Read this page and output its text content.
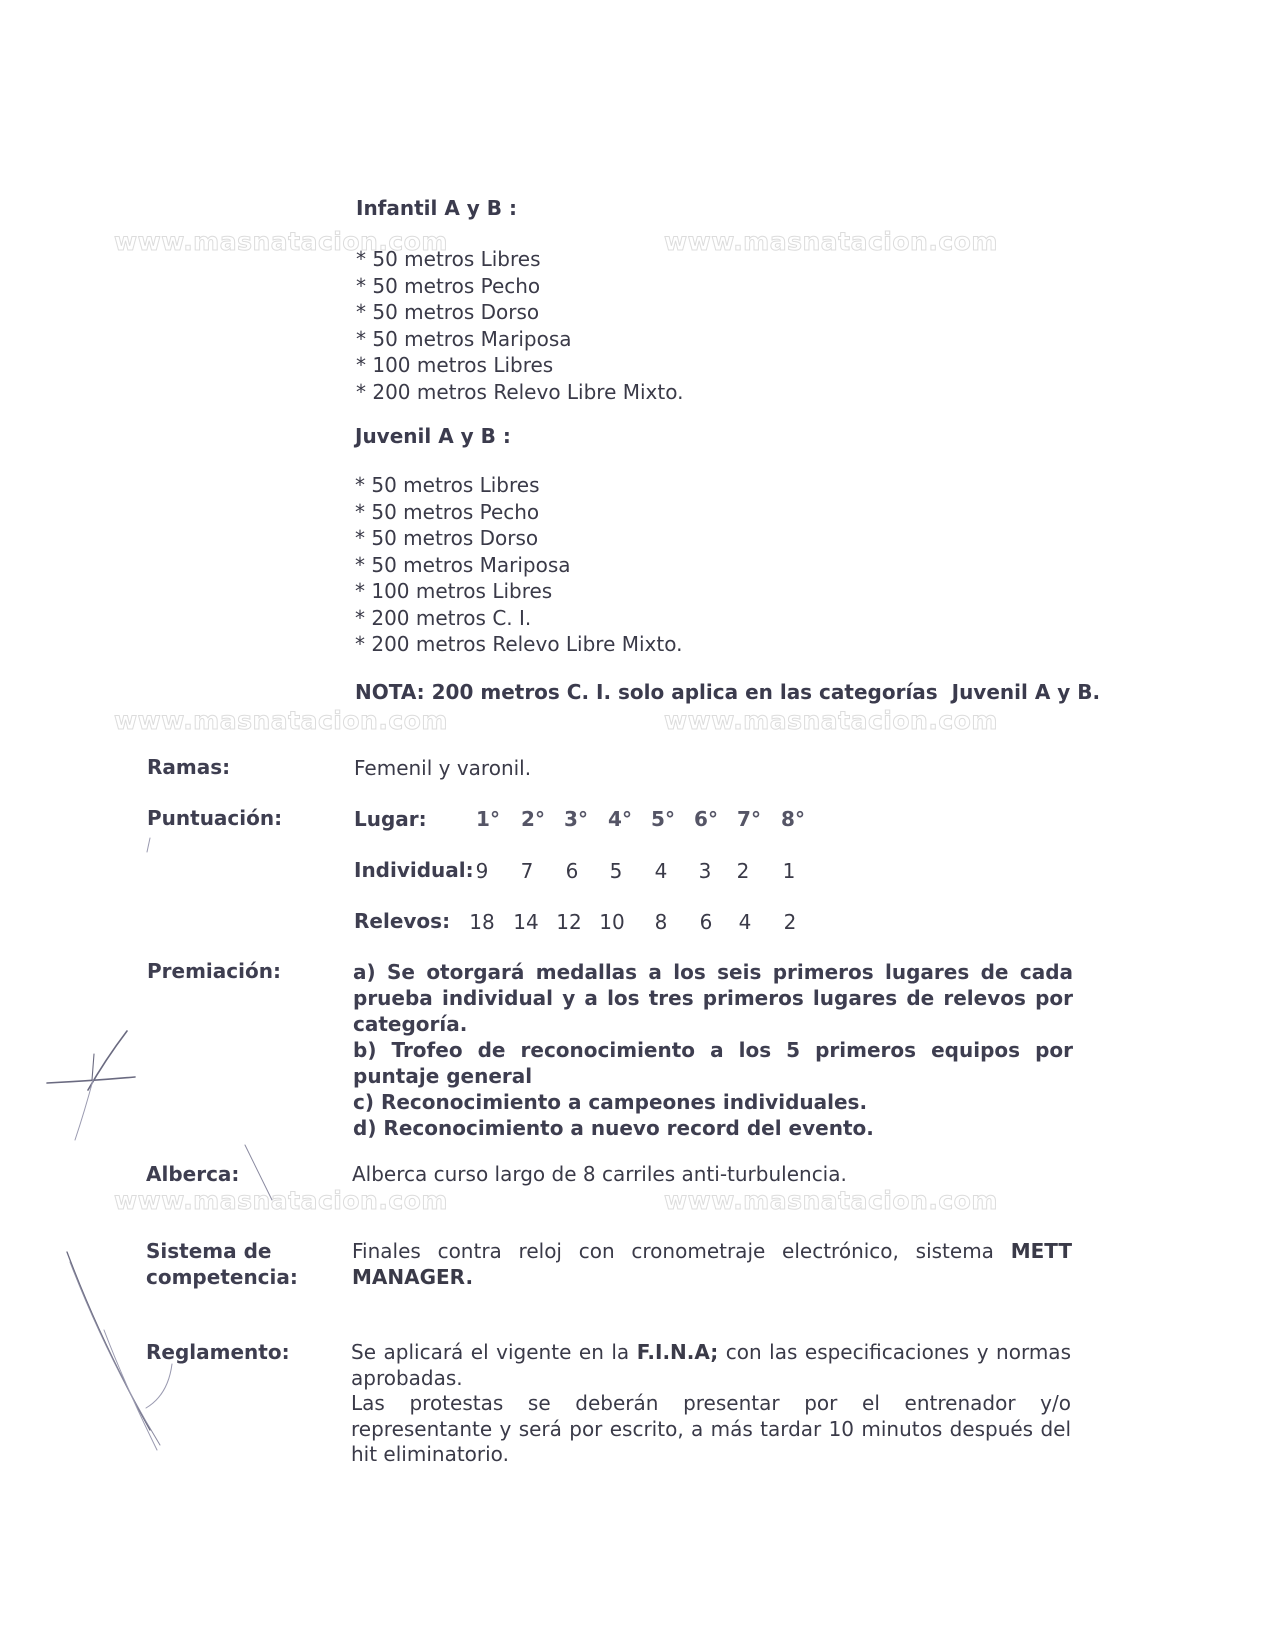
www.masnatacion.com	www.masnatacion.com
www.masnatacion.com	www.masnatacion.com
www.masnatacion.com	www.masnatacion.com
Infantil A y B :
* 50 metros Libres
* 50 metros Pecho
* 50 metros Dorso
* 50 metros Mariposa
* 100 metros Libres
* 200 metros Relevo Libre Mixto.
Juvenil A y B :
* 50 metros Libres
* 50 metros Pecho
* 50 metros Dorso
* 50 metros Mariposa
* 100 metros Libres
* 200 metros C. I.
* 200 metros Relevo Libre Mixto.
NOTA: 200 metros C. I. solo aplica en las categorías  Juvenil A y B.
Ramas:	Femenil y varonil.
Puntuación:	Lugar:	1°	2° 3°	4° 5° 6° 7°	8°
Individual: 9	7	6	5	4	3	2	1
Relevos: 18 14 12 10	8	6	4	2
Premiación:	a) Se otorgará medallas a los seis primeros lugares de cada prueba individual y a los tres primeros lugares de relevos por categoría.
b) Trofeo de reconocimiento a los 5 primeros equipos por puntaje general
c) Reconocimiento a campeones individuales.
d) Reconocimiento a nuevo record del evento.
Alberca:	Alberca curso largo de 8 carriles anti-turbulencia.
Sistema de
competencia:
Finales contra reloj con cronometraje electrónico, sistema METT MANAGER.
Reglamento:	Se aplicará el vigente en la F.I.N.A; con las especificaciones y normas aprobadas.
Las protestas se deberán presentar por el entrenador y/o representante y será por escrito, a más tardar 10 minutos después del hit eliminatorio.
